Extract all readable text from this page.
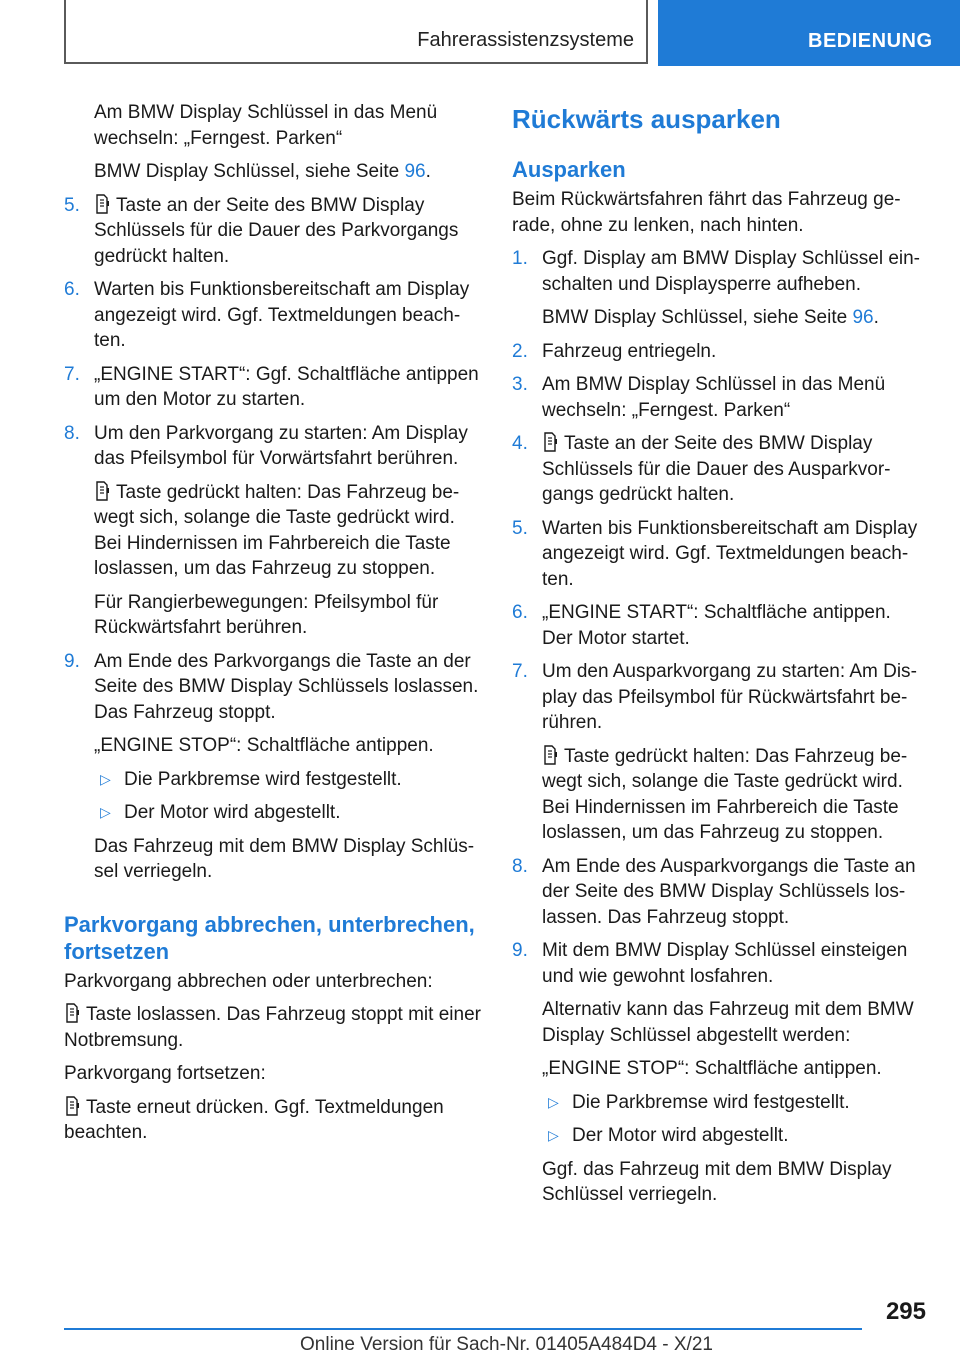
Fahrerassistenzsysteme	BEDIENUNG

Am BMW Display Schlüssel in das Menü wechseln: „Ferngest. Parken“

BMW Display Schlüssel, siehe Seite 96.

5. Taste an der Seite des BMW Display Schlüssels für die Dauer des Parkvorgangs gedrückt halten.
6. Warten bis Funktionsbereitschaft am Display angezeigt wird. Ggf. Textmeldungen beachten.
7. „ENGINE START“: Ggf. Schaltfläche antippen um den Motor zu starten.
8. Um den Parkvorgang zu starten: Am Display das Pfeilsymbol für Vorwärtsfahrt berühren.

Taste gedrückt halten: Das Fahrzeug bewegt sich, solange die Taste gedrückt wird. Bei Hindernissen im Fahrbereich die Taste loslassen, um das Fahrzeug zu stoppen.

Für Rangierbewegungen: Pfeilsymbol für Rückwärtsfahrt berühren.

9. Am Ende des Parkvorgangs die Taste an der Seite des BMW Display Schlüssels loslassen. Das Fahrzeug stoppt.

„ENGINE STOP“: Schaltfläche antippen.

▷ Die Parkbremse wird festgestellt.
▷ Der Motor wird abgestellt.

Das Fahrzeug mit dem BMW Display Schlüssel verriegeln.

Parkvorgang abbrechen, unterbrechen, fortsetzen

Parkvorgang abbrechen oder unterbrechen:

Taste loslassen. Das Fahrzeug stoppt mit einer Notbremsung.

Parkvorgang fortsetzen:

Taste erneut drücken. Ggf. Textmeldungen beachten.

Rückwärts ausparken
Ausparken

Beim Rückwärtsfahren fährt das Fahrzeug gerade, ohne zu lenken, nach hinten.

1. Ggf. Display am BMW Display Schlüssel einschalten und Displaysperre aufheben.

BMW Display Schlüssel, siehe Seite 96.

2. Fahrzeug entriegeln.
3. Am BMW Display Schlüssel in das Menü wechseln: „Ferngest. Parken“
4. Taste an der Seite des BMW Display Schlüssels für die Dauer des Ausparkvorgangs gedrückt halten.
5. Warten bis Funktionsbereitschaft am Display angezeigt wird. Ggf. Textmeldungen beachten.
6. „ENGINE START“: Schaltfläche antippen. Der Motor startet.
7. Um den Ausparkvorgang zu starten: Am Display das Pfeilsymbol für Rückwärtsfahrt berühren.

Taste gedrückt halten: Das Fahrzeug bewegt sich, solange die Taste gedrückt wird. Bei Hindernissen im Fahrbereich die Taste loslassen, um das Fahrzeug zu stoppen.

8. Am Ende des Ausparkvorgangs die Taste an der Seite des BMW Display Schlüssels loslassen. Das Fahrzeug stoppt.
9. Mit dem BMW Display Schlüssel einsteigen und wie gewohnt losfahren.

Alternativ kann das Fahrzeug mit dem BMW Display Schlüssel abgestellt werden:

„ENGINE STOP“: Schaltfläche antippen.

▷ Die Parkbremse wird festgestellt.
▷ Der Motor wird abgestellt.

Ggf. das Fahrzeug mit dem BMW Display Schlüssel verriegeln.

295
Online Version für Sach-Nr. 01405A484D4 - X/21
